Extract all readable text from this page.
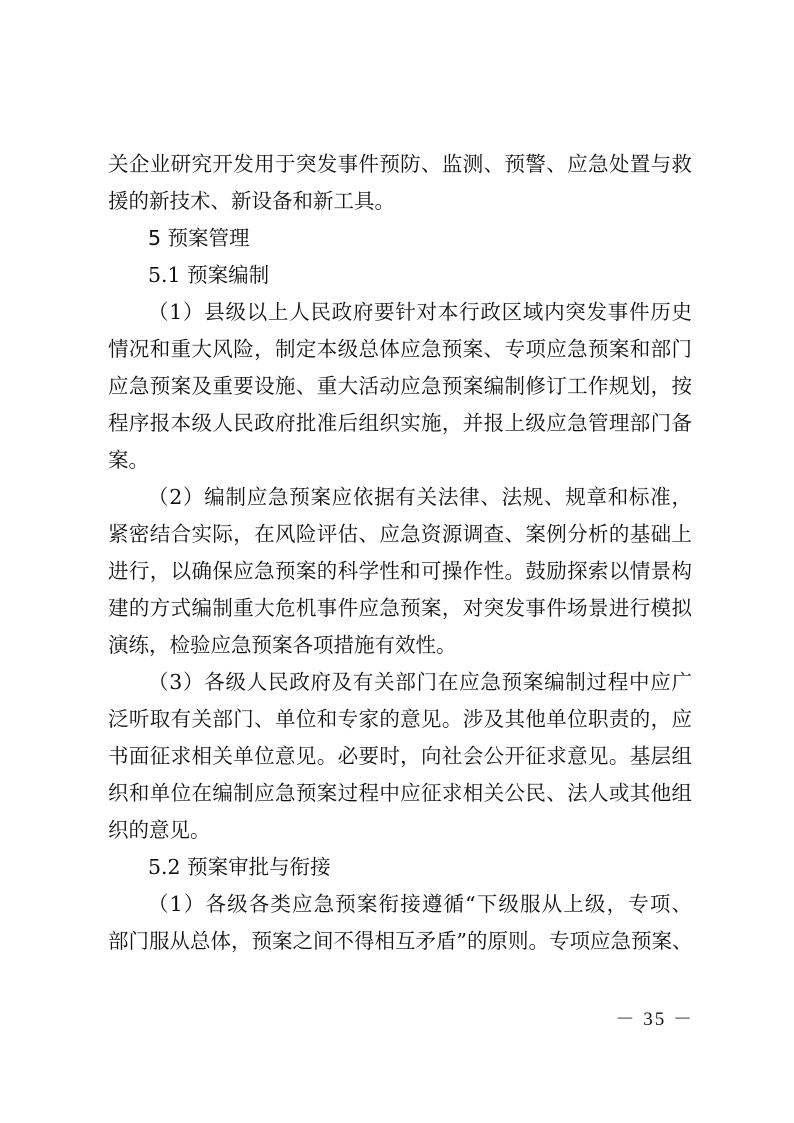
关企业研究开发用于突发事件预防、监测、预警、应急处置与救
援的新技术、新设备和新工具。
5 预案管理
5.1 预案编制
（1）县级以上人民政府要针对本行政区域内突发事件历史
情况和重大风险，制定本级总体应急预案、专项应急预案和部门
应急预案及重要设施、重大活动应急预案编制修订工作规划，按
程序报本级人民政府批准后组织实施，并报上级应急管理部门备
案。
（2）编制应急预案应依据有关法律、法规、规章和标准，
紧密结合实际，在风险评估、应急资源调查、案例分析的基础上
进行，以确保应急预案的科学性和可操作性。鼓励探索以情景构
建的方式编制重大危机事件应急预案，对突发事件场景进行模拟
演练，检验应急预案各项措施有效性。
（3）各级人民政府及有关部门在应急预案编制过程中应广
泛听取有关部门、单位和专家的意见。涉及其他单位职责的，应
书面征求相关单位意见。必要时，向社会公开征求意见。基层组
织和单位在编制应急预案过程中应征求相关公民、法人或其他组
织的意见。
5.2 预案审批与衔接
（1）各级各类应急预案衔接遵循“下级服从上级，专项、
部门服从总体，预案之间不得相互矛盾”的原则。专项应急预案、
－ 35 －
